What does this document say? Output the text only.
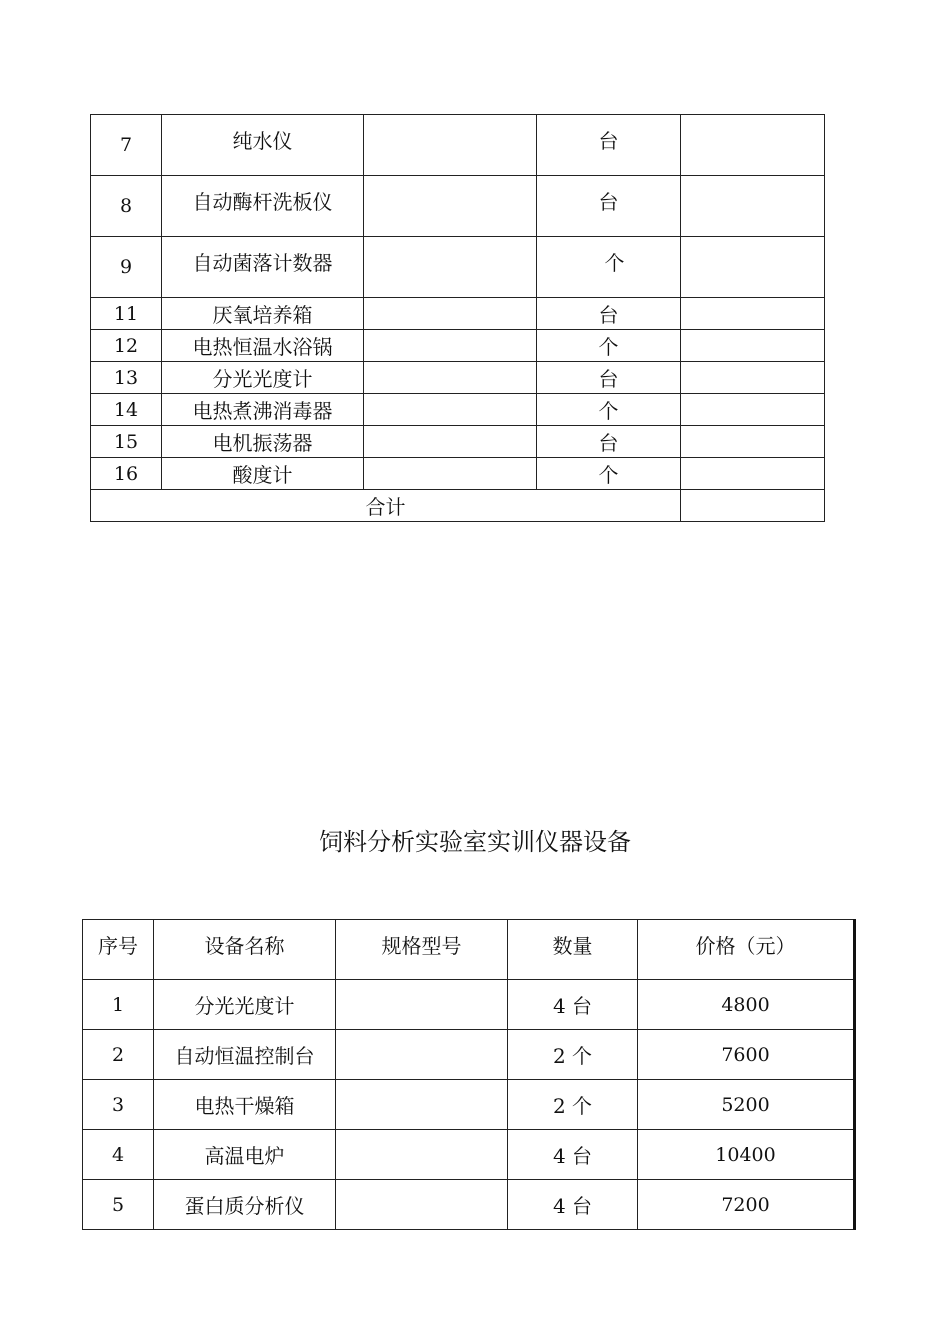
7	纯水仪		台	
8	自动酶杆洗板仪		台	
9	自动菌落计数器		个	
11	厌氧培养箱		台	
12	电热恒温水浴锅		个	
13	分光光度计		台	
14	电热煮沸消毒器		个	
15	电机振荡器		台	
16	酸度计		个	
合计				
饲料分析实验室实训仪器设备
序号	设备名称	规格型号	数量	价格（元）
1	分光光度计		4 台	4800
2	自动恒温控制台		2 个	7600
3	电热干燥箱		2 个	5200
4	高温电炉		4 台	10400
5	蛋白质分析仪		4 台	7200
